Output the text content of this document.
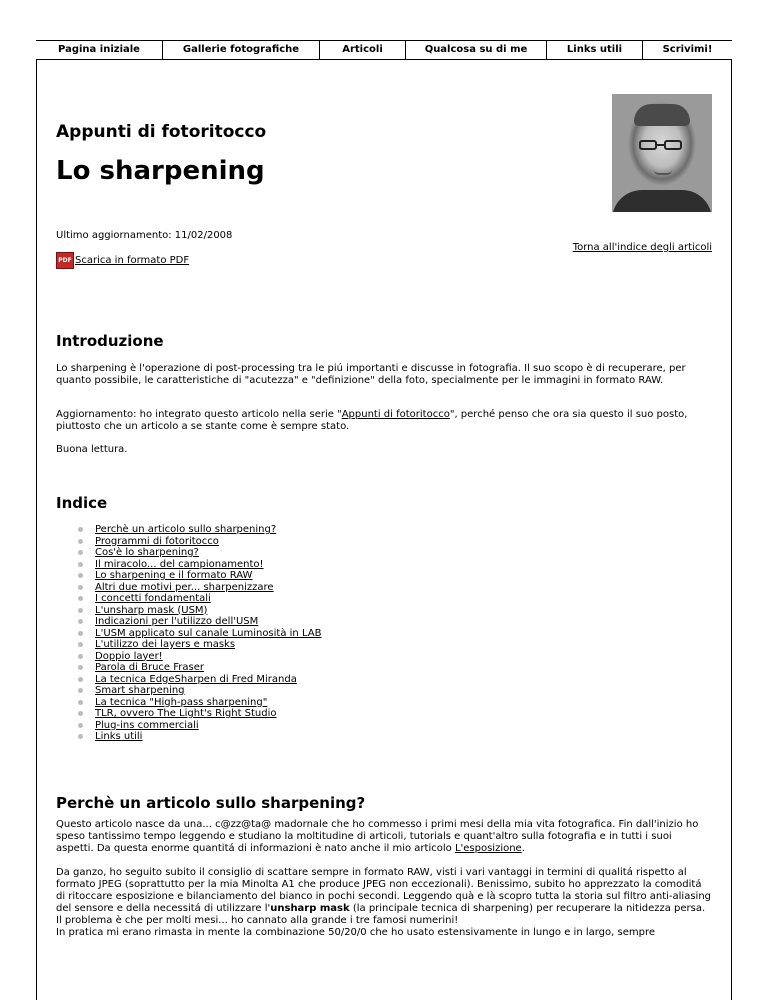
Pagina iniziale	Gallerie fotografiche	Articoli	Qualcosa su di me	Links utili	Scrivimi!
Appunti di fotoritocco
Lo sharpening
Ultimo aggiornamento: 11/02/2008
Torna all'indice degli articoli
PDF Scarica in formato PDF
Introduzione

Lo sharpening è l'operazione di post-processing tra le piú importanti e discusse in fotografia. Il suo scopo è di recuperare, per quanto possibile, le caratteristiche di "acutezza" e "definizione" della foto, specialmente per le immagini in formato RAW.

Aggiornamento: ho integrato questo articolo nella serie "Appunti di fotoritocco", perché penso che ora sia questo il suo posto, piuttosto che un articolo a se stante come è sempre stato.

Buona lettura.

Indice
Perchè un articolo sullo sharpening?
Programmi di fotoritocco
Cos'è lo sharpening?
Il miracolo... del campionamento!
Lo sharpening e il formato RAW
Altri due motivi per... sharpenizzare
I concetti fondamentali
L'unsharp mask (USM)
Indicazioni per l'utilizzo dell'USM
L'USM applicato sul canale Luminosità in LAB
L'utilizzo dei layers e masks
Doppio layer!
Parola di Bruce Fraser
La tecnica EdgeSharpen di Fred Miranda
Smart sharpening
La tecnica "High-pass sharpening"
TLR, ovvero The Light's Right Studio
Plug-ins commerciali
Links utili
Perchè un articolo sullo sharpening?

Questo articolo nasce da una... c@zz@ta@ madornale che ho commesso i primi mesi della mia vita fotografica. Fin dall'inizio ho speso tantissimo tempo leggendo e studiano la moltitudine di articoli, tutorials e quant'altro sulla fotografia e in tutti i suoi aspetti. Da questa enorme quantitá di informazioni è nato anche il mio articolo L'esposizione.

Da ganzo, ho seguito subito il consiglio di scattare sempre in formato RAW, visti i vari vantaggi in termini di qualitá rispetto al formato JPEG (soprattutto per la mia Minolta A1 che produce JPEG non eccezionali). Benissimo, subito ho apprezzato la comoditá di ritoccare esposizione e bilanciamento del bianco in pochi secondi. Leggendo quà e là scopro tutta la storia sul filtro anti-aliasing del sensore e della necessitá di utilizzare l'unsharp mask (la principale tecnica di sharpening) per recuperare la nitidezza persa. Il problema è che per molti mesi... ho cannato alla grande i tre famosi numerini!
In pratica mi erano rimasta in mente la combinazione 50/20/0 che ho usato estensivamente in lungo e in largo, sempre
